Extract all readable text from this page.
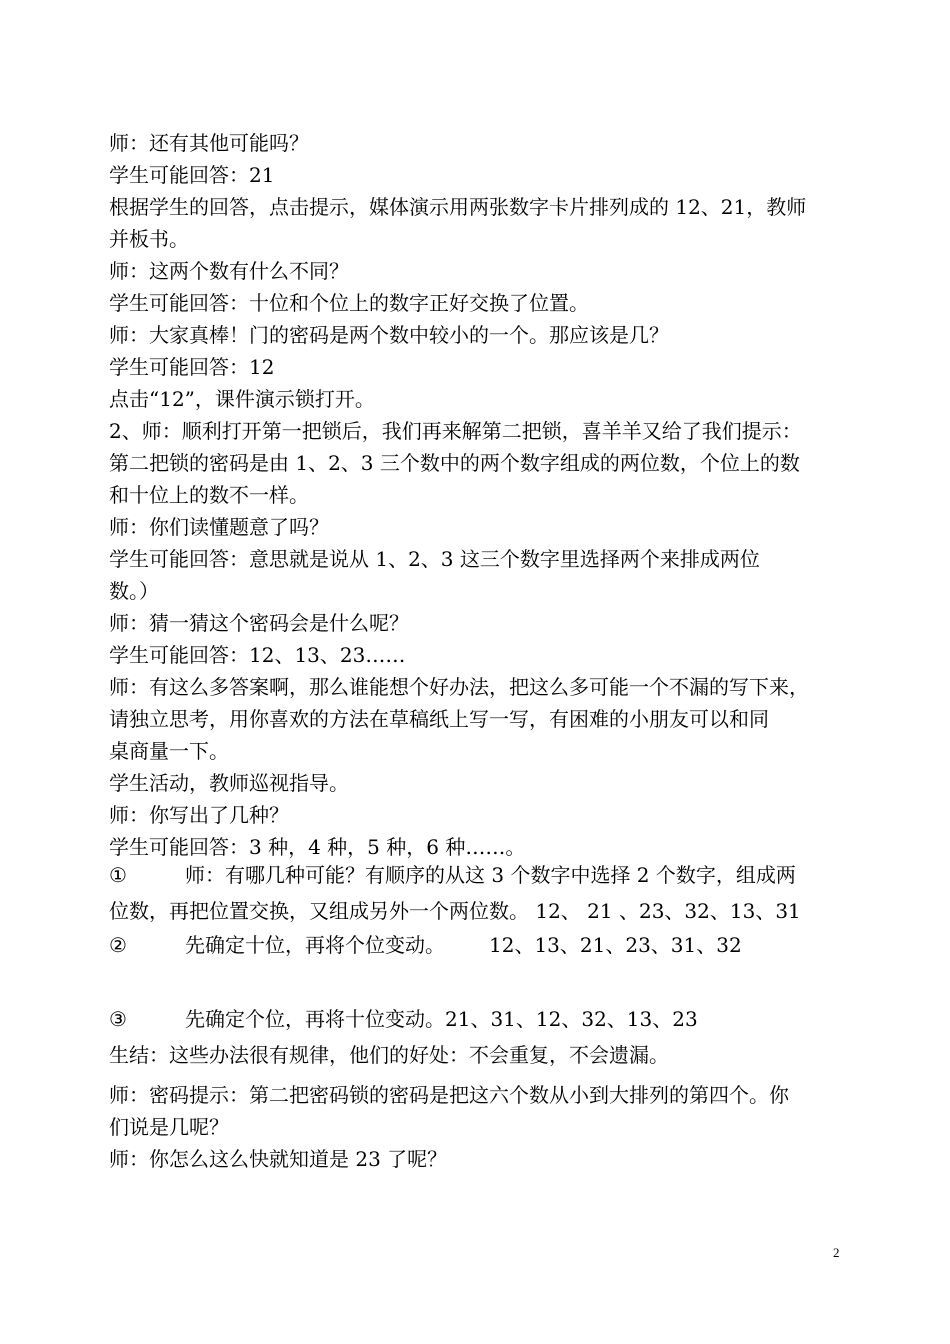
师：还有其他可能吗？
学生可能回答：21
根据学生的回答，点击提示，媒体演示用两张数字卡片排列成的 12、21，教师
并板书。
师：这两个数有什么不同？
学生可能回答：十位和个位上的数字正好交换了位置。
师：大家真棒！门的密码是两个数中较小的一个。那应该是几？
学生可能回答：12
点击“12”，课件演示锁打开。
2、师：顺利打开第一把锁后，我们再来解第二把锁，喜羊羊又给了我们提示：
第二把锁的密码是由 1、2、3 三个数中的两个数字组成的两位数，个位上的数
和十位上的数不一样。
师：你们读懂题意了吗？
学生可能回答：意思就是说从 1、2、3 这三个数字里选择两个来排成两位
数。）
师：猜一猜这个密码会是什么呢？
学生可能回答：12、13、23……
师：有这么多答案啊，那么谁能想个好办法，把这么多可能一个不漏的写下来，
请独立思考，用你喜欢的方法在草稿纸上写一写，有困难的小朋友可以和同
桌商量一下。
学生活动，教师巡视指导。
师：你写出了几种？
学生可能回答：3 种，4 种，5 种，6 种……。
①	师：有哪几种可能？有顺序的从这 3 个数字中选择 2 个数字，组成两
位数，再把位置交换，又组成另外一个两位数。 12、 21 、23、32、13、31
②	先确定十位，再将个位变动。 12、13、21、23、31、32
③	先确定个位，再将十位变动。21、31、12、32、13、23
生结：这些办法很有规律，他们的好处：不会重复，不会遗漏。
师：密码提示：第二把密码锁的密码是把这六个数从小到大排列的第四个。你
们说是几呢？
师：你怎么这么快就知道是 23 了呢？
2
